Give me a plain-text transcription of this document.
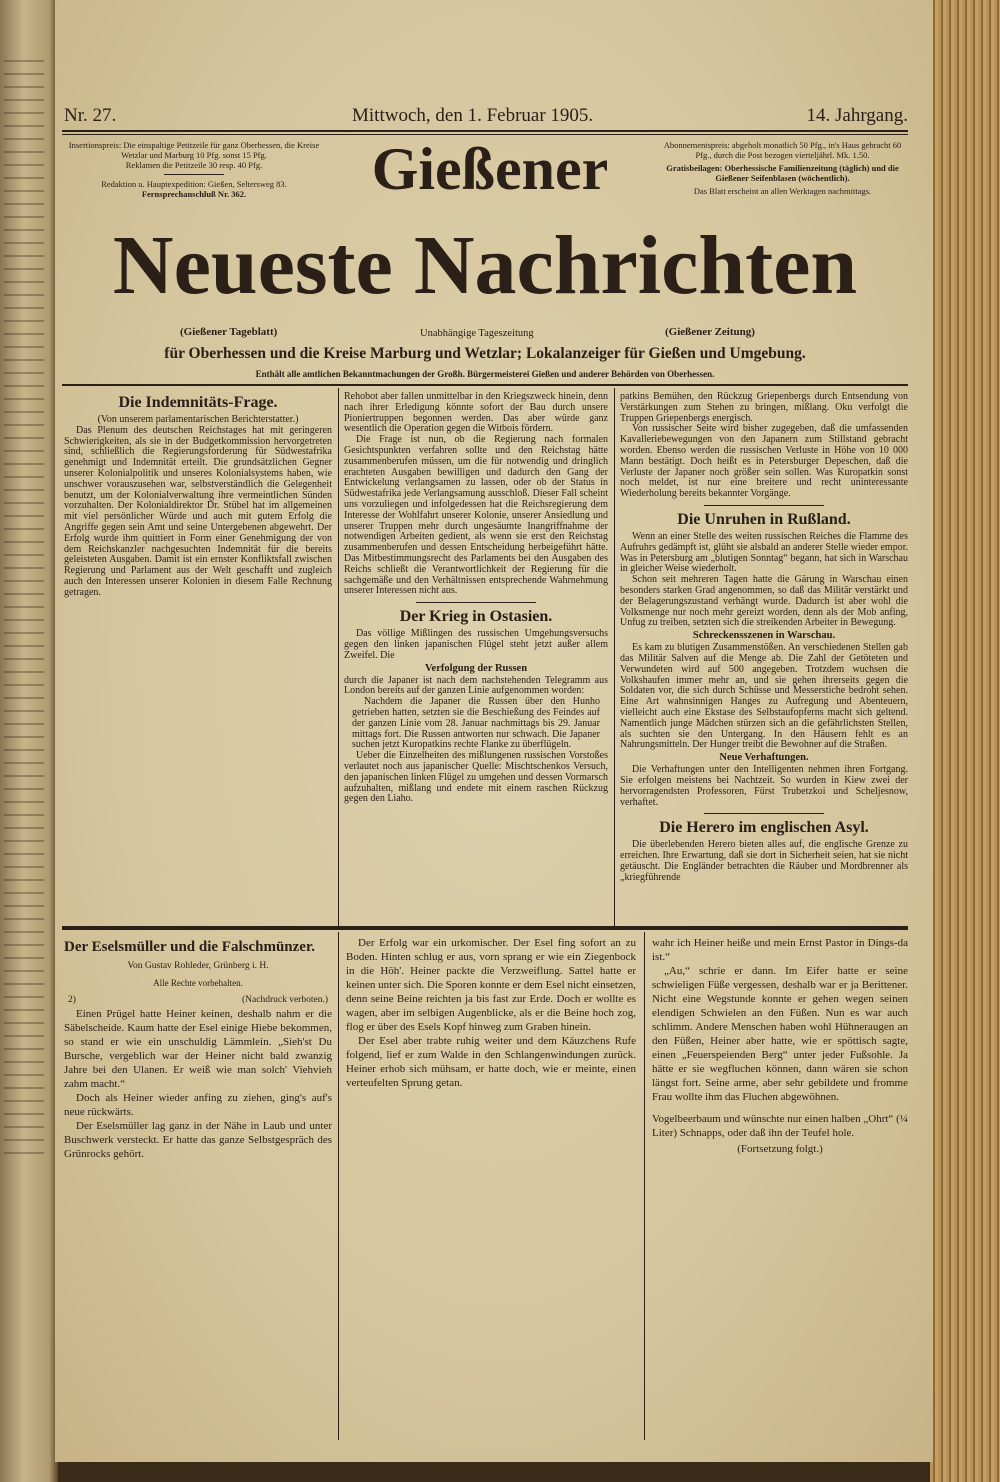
Nr. 27.	Mittwoch, den 1. Februar 1905.	14. Jahrgang.
Insertionspreis: Die einspaltige Petitzeile für ganz Oberhessen, die Kreise Wetzlar und Marburg 10 Pfg. sonst 15 Pfg.
Reklamen die Petitzeile 30 resp. 40 Pfg.
Redaktion u. Hauptexpedition: Gießen, Seltersweg 83.
Fernsprechanschluß Nr. 362.	Gießener	Abonnementspreis: abgeholt monatlich 50 Pfg., in's Haus gebracht 60 Pfg., durch die Post bezogen vierteljährl. Mk. 1.50.
Gratisbeilagen: Oberhessische Familienzeitung (täglich) und die Gießener Seifenblasen (wöchentlich).
Das Blatt erscheint an allen Werktagen nachmittags.
Neueste Nachrichten
(Gießener Tageblatt)	Unabhängige Tageszeitung	(Gießener Zeitung)
für Oberhessen und die Kreise Marburg und Wetzlar; Lokalanzeiger für Gießen und Umgebung.
Enthält alle amtlichen Bekanntmachungen der Großh. Bürgermeisterei Gießen und anderer Behörden von Oberhessen.
Die Indemnitäts-Frage.

(Von unserem parlamentarischen Berichterstatter.)

Das Plenum des deutschen Reichstages hat mit geringeren Schwierigkeiten, als sie in der Budgetkommission hervorgetreten sind, schließlich die Regierungsforderung für Südwestafrika genehmigt und Indemnität erteilt. Die grundsätzlichen Gegner unserer Kolonialpolitik und unseres Kolonialsystems haben, wie unschwer vorauszusehen war, selbstverständlich die Gelegenheit benutzt, um der Kolonialverwaltung ihre vermeintlichen Sünden vorzuhalten. Der Kolonialdirektor Dr. Stübel hat im allgemeinen mit viel persönlicher Würde und auch mit gutem Erfolg die Angriffe gegen sein Amt und seine Untergebenen abgewehrt. Der Erfolg wurde ihm quittiert in Form einer Genehmigung der von dem Reichskanzler nachgesuchten Indemnität für die bereits geleisteten Ausgaben. Damit ist ein ernster Konfliktsfall zwischen Regierung und Parlament aus der Welt geschafft und zugleich auch den Interessen unserer Kolonien in diesem Falle Rechnung getragen.

Rehobot aber fallen unmittelbar in den Kriegszweck hinein, denn nach ihrer Erledigung könnte sofort der Bau durch unsere Pioniertruppen begonnen werden. Das aber würde ganz wesentlich die Operation gegen die Witbois fördern.

Die Frage ist nun, ob die Regierung nach formalen Gesichtspunkten verfahren sollte und den Reichstag hätte zusammenberufen müssen, um die für notwendig und dringlich erachteten Ausgaben bewilligen und dadurch den Gang der Entwickelung verlangsamen zu lassen, oder ob der Status in Südwestafrika jede Verlangsamung ausschloß. Dieser Fall scheint uns vorzuliegen und infolgedessen hat die Reichsregierung dem Interesse der Wohlfahrt unserer Kolonie, unserer Ansiedlung und unserer Truppen mehr durch ungesäumte Inangriffnahme der notwendigen Arbeiten gedient, als wenn sie erst den Reichstag zusammenberufen und dessen Entscheidung herbeigeführt hätte. Das Mitbestimmungsrecht des Parlaments bei den Ausgaben des Reichs schließt die Verantwortlichkeit der Regierung für die sachgemäße und den Verhältnissen entsprechende Wahrnehmung unserer Interessen nicht aus.

Der Krieg in Ostasien.

Das völlige Mißlingen des russischen Umgehungsversuchs gegen den linken japanischen Flügel steht jetzt außer allem Zweifel. Die

Verfolgung der Russen

durch die Japaner ist nach dem nachstehenden Telegramm aus London bereits auf der ganzen Linie aufgenommen worden:

Nachdem die Japaner die Russen über den Hunho getrieben hatten, setzten sie die Beschießung des Feindes auf der ganzen Linie vom 28. Januar nachmittags bis 29. Januar mittags fort. Die Russen antworten nur schwach. Die Japaner suchen jetzt Kuropatkins rechte Flanke zu überflügeln.

Ueber die Einzelheiten des mißlungenen russischen Vorstoßes verlautet noch aus japanischer Quelle: Mischtschenkos Versuch, den japanischen linken Flügel zu umgehen und dessen Vormarsch aufzuhalten, mißlang und endete mit einem raschen Rückzug gegen den Liaho.

patkins Bemühen, den Rückzug Griepenbergs durch Entsendung von Verstärkungen zum Stehen zu bringen, mißlang. Oku verfolgt die Truppen Griepenbergs energisch.

Von russischer Seite wird bisher zugegeben, daß die umfassenden Kavalleriebewegungen von den Japanern zum Stillstand gebracht worden. Ebenso werden die russischen Verluste in Höhe von 10 000 Mann bestätigt. Doch heißt es in Petersburger Depeschen, daß die Verluste der Japaner noch größer sein sollen. Was Kuropatkin sonst noch meldet, ist nur eine breitere und recht uninteressante Wiederholung bereits bekannter Vorgänge.

Die Unruhen in Rußland.

Wenn an einer Stelle des weiten russischen Reiches die Flamme des Aufruhrs gedämpft ist, glüht sie alsbald an anderer Stelle wieder empor. Was in Petersburg am „blutigen Sonntag“ begann, hat sich in Warschau in gleicher Weise wiederholt.

Schon seit mehreren Tagen hatte die Gärung in Warschau einen besonders starken Grad angenommen, so daß das Militär verstärkt und der Belagerungszustand verhängt wurde. Dadurch ist aber wohl die Volksmenge nur noch mehr gereizt worden, denn als der Mob anfing, Unfug zu treiben, setzten sich die streikenden Arbeiter in Bewegung.

Schreckensszenen in Warschau.

Es kam zu blutigen Zusammenstößen. An verschiedenen Stellen gab das Militär Salven auf die Menge ab. Die Zahl der Getöteten und Verwundeten wird auf 500 angegeben. Trotzdem wuchsen die Volkshaufen immer mehr an, und sie gehen ihrerseits gegen die Soldaten vor, die sich durch Schüsse und Messerstiche bedroht sehen. Eine Art wahnsinnigen Hanges zu Aufregung und Abenteuern, vielleicht auch eine Ekstase des Selbstaufopferns macht sich geltend. Namentlich junge Mädchen stürzen sich an die gefährlichsten Stellen, als suchten sie den Untergang. In den Häusern fehlt es an Nahrungsmitteln. Der Hunger treibt die Bewohner auf die Straßen.

Neue Verhaftungen.

Die Verhaftungen unter den Intelligenten nehmen ihren Fortgang. Sie erfolgen meistens bei Nachtzeit. So wurden in Kiew zwei der hervorragendsten Professoren, Fürst Trubetzkoi und Scheljesnow, verhaftet.

Die Herero im englischen Asyl.

Die überlebenden Herero bieten alles auf, die englische Grenze zu erreichen. Ihre Erwartung, daß sie dort in Sicherheit seien, hat sie nicht getäuscht. Die Engländer betrachten die Räuber und Mordbrenner als „kriegführende

Der Eselsmüller und die Falschmünzer.

Von Gustav Rohleder, Grünberg i. H.

Alle Rechte vorbehalten.

2)	(Nachdruck verboten.)

Einen Prügel hatte Heiner keinen, deshalb nahm er die Säbelscheide. Kaum hatte der Esel einige Hiebe bekommen, so stand er wie ein unschuldig Lämmlein. „Sieh'st Du Bursche, vergeblich war der Heiner nicht bald zwanzig Jahre bei den Ulanen. Er weiß wie man solch' Viehvieh zahm macht.“

Doch als Heiner wieder anfing zu ziehen, ging's auf's neue rückwärts.

Der Eselsmüller lag ganz in der Nähe in Laub und unter Buschwerk versteckt. Er hatte das ganze Selbstgespräch des Grünrocks gehört.

Der Erfolg war ein urkomischer. Der Esel fing sofort an zu Boden. Hinten schlug er aus, vorn sprang er wie ein Ziegenbock in die Höh'. Heiner packte die Verzweiflung. Sattel hatte er keinen unter sich. Die Sporen konnte er dem Esel nicht einsetzen, denn seine Beine reichten ja bis fast zur Erde. Doch er wollte es wagen, aber im selbigen Augenblicke, als er die Beine hoch zog, flog er über des Esels Kopf hinweg zum Graben hinein.

Der Esel aber trabte ruhig weiter und dem Käuzchens Rufe folgend, lief er zum Walde in den Schlangenwindungen zurück. Heiner erhob sich mühsam, er hatte doch, wie er meinte, einen verteufelten Sprung getan.

wahr ich Heiner heiße und mein Ernst Pastor in Dings-da ist.“

„Au,“ schrie er dann. Im Eifer hatte er seine schwieligen Füße vergessen, deshalb war er ja Berittener. Nicht eine Wegstunde konnte er gehen wegen seinen elendigen Schwielen an den Füßen. Nun es war auch schlimm. Andere Menschen haben wohl Hühneraugen an den Füßen, Heiner aber hatte, wie er spöttisch sagte, einen „Feuerspeienden Berg“ unter jeder Fußsohle. Ja hätte er sie wegfluchen können, dann wären sie schon längst fort. Seine arme, aber sehr gebildete und fromme Frau wollte ihm das Fluchen abgewöhnen.

Vogelbeerbaum und wünschte nur einen halben „Ohrt“ (¼ Liter) Schnapps, oder daß ihn der Teufel hole.

(Fortsetzung folgt.)
